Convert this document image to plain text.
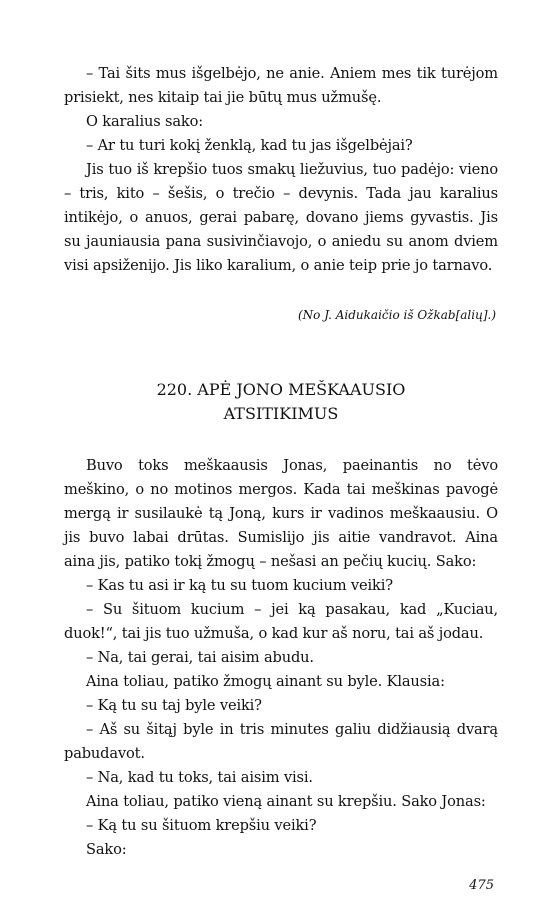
– Tai šits mus išgelbėjo, ne anie. Aniem mes tik turėjom prisiekt, nes kitaip tai jie būtų mus užmušę.

O karalius sako:

– Ar tu turi kokį ženklą, kad tu jas išgelbėjai?

Jis tuo iš krepšio tuos smakų liežuvius, tuo padėjo: vieno – tris, kito – šešis, o trečio – devynis. Tada jau karalius intikėjo, o anuos, gerai pabarę, dovano jiems gyvastis. Jis su jauniausia pana susivinčiavojo, o aniedu su anom dviem visi apsiženijo. Jis liko karalium, o anie teip prie jo tarnavo.

(No J. Aidukaičio iš Ožkab[alių].)
220. APĖ JONO MEŠKAAUSIO
ATSITIKIMUS

Buvo toks meškaausis Jonas, paeinantis no tėvo meškino, o no motinos mergos. Kada tai meškinas pavogė mergą ir susilaukė tą Joną, kurs ir vadinos meškaausiu. O jis buvo labai drūtas. Sumislijo jis aitie vandravot. Aina aina jis, patiko tokį žmogų – nešasi an pečių kucių. Sako:

– Kas tu asi ir ką tu su tuom kucium veiki?

– Su šituom kucium – jei ką pasakau, kad „Kuciau, duok!“, tai jis tuo užmuša, o kad kur aš noru, tai aš jodau.

– Na, tai gerai, tai aisim abudu.

Aina toliau, patiko žmogų ainant su byle. Klausia:

– Ką tu su taj byle veiki?

– Aš su šitąj byle in tris minutes galiu didžiausią dvarą pabudavot.

– Na, kad tu toks, tai aisim visi.

Aina toliau, patiko vieną ainant su krepšiu. Sako Jonas:

– Ką tu su šituom krepšiu veiki?

Sako:

475
